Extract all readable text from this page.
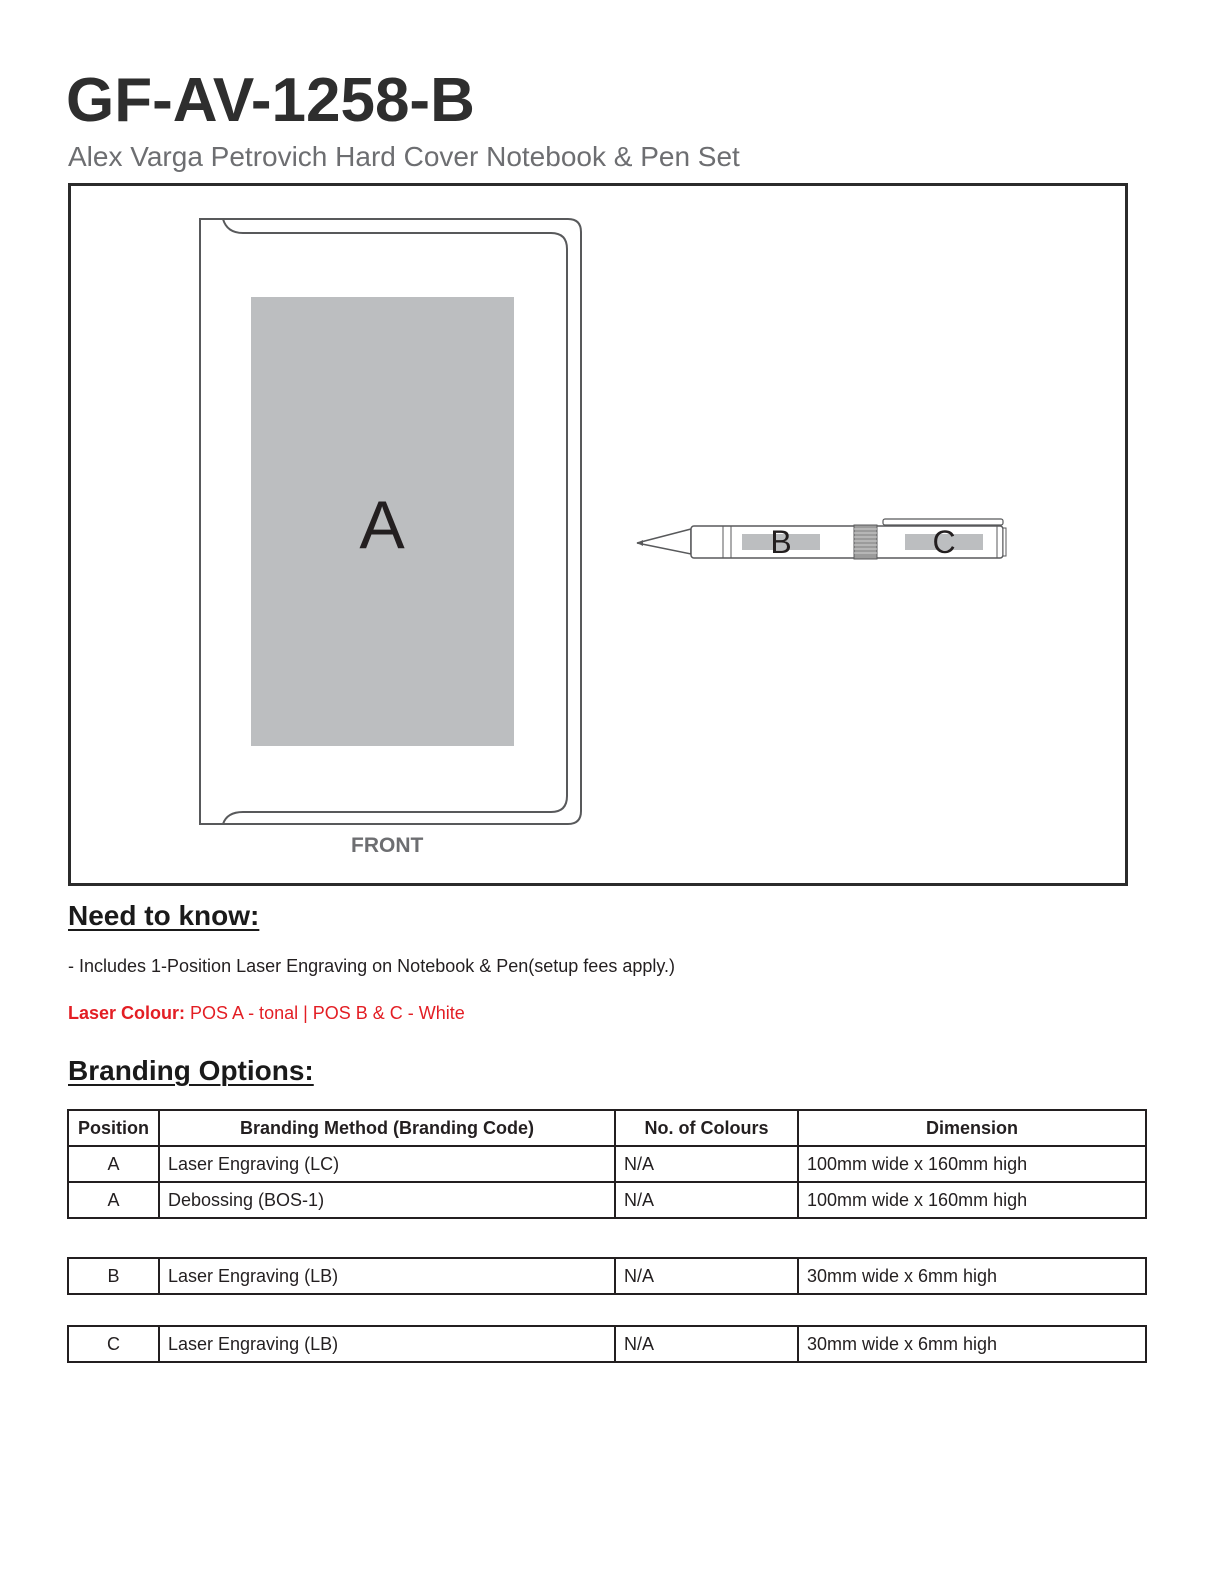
GF-AV-1258-B

Alex Varga Petrovich Hard Cover Notebook & Pen Set

A	B	C
FRONT
Need to know:

- Includes 1-Position Laser Engraving on Notebook & Pen(setup fees apply.)

Laser Colour: POS A - tonal | POS B & C - White

Branding Options:
Position	Branding Method (Branding Code)	No. of Colours	Dimension
A	Laser Engraving (LC)	N/A	100mm wide x 160mm high
A	Debossing (BOS-1)	N/A	100mm wide x 160mm high
B	Laser Engraving (LB)	N/A	30mm wide x 6mm high
C	Laser Engraving (LB)	N/A	30mm wide x 6mm high
